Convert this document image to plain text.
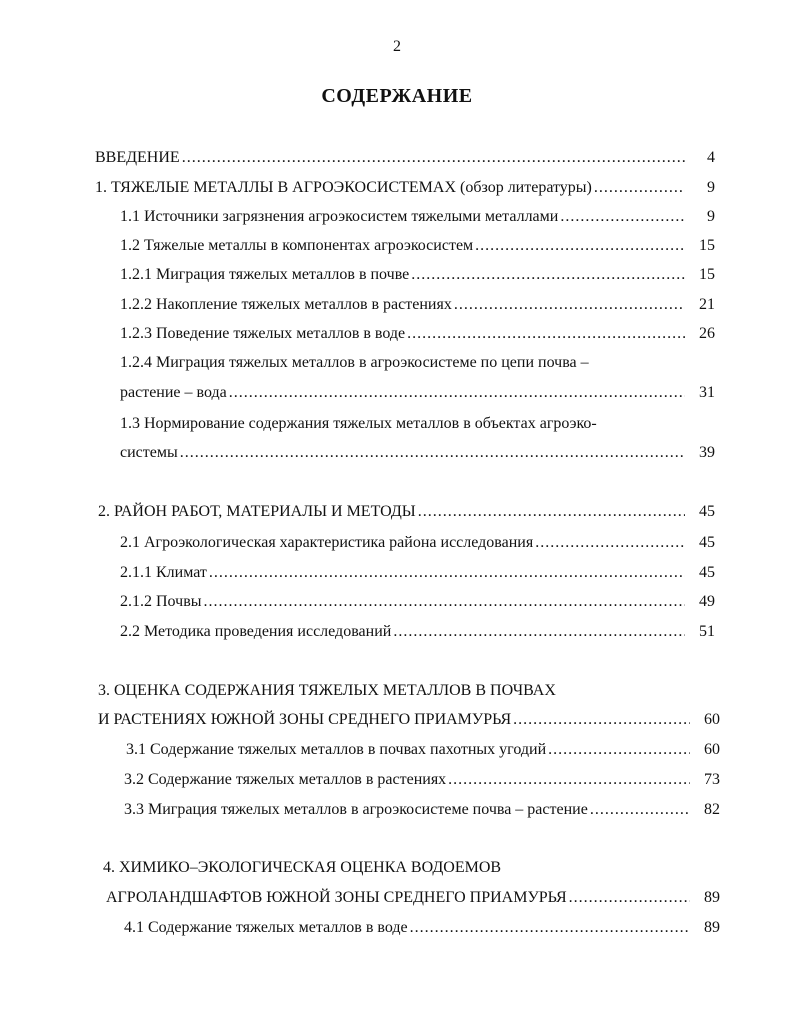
2
СОДЕРЖАНИЕ
ВВЕДЕНИЕ .....	4
1. ТЯЖЕЛЫЕ МЕТАЛЛЫ В АГРОЭКОСИСТЕМАХ (обзор литературы) .....	9
1.1 Источники загрязнения агроэкосистем тяжелыми металлами .....	9
1.2 Тяжелые металлы в компонентах агроэкосистем .....	15
1.2.1 Миграция тяжелых металлов в почве .....	15
1.2.2 Накопление тяжелых металлов в растениях .....	21
1.2.3 Поведение тяжелых металлов в воде .....	26
1.2.4 Миграция тяжелых металлов в агроэкосистеме по цепи почва –
растение – вода .....	31
1.3 Нормирование содержания тяжелых металлов в объектах агроэко-
системы .....	39
2. РАЙОН РАБОТ, МАТЕРИАЛЫ И МЕТОДЫ .....	45
2.1 Агроэкологическая характеристика района исследования .....	45
2.1.1 Климат .....	45
2.1.2 Почвы .....	49
2.2 Методика проведения исследований .....	51
3. ОЦЕНКА СОДЕРЖАНИЯ ТЯЖЕЛЫХ МЕТАЛЛОВ В ПОЧВАХ
И РАСТЕНИЯХ ЮЖНОЙ ЗОНЫ СРЕДНЕГО ПРИАМУРЬЯ .....	60
3.1 Содержание тяжелых металлов в почвах пахотных угодий .....	60
3.2 Содержание тяжелых металлов в растениях .....	73
3.3 Миграция тяжелых металлов в агроэкосистеме почва – растение .....	82
4. ХИМИКО–ЭКОЛОГИЧЕСКАЯ ОЦЕНКА ВОДОЕМОВ
АГРОЛАНДШАФТОВ ЮЖНОЙ ЗОНЫ СРЕДНЕГО ПРИАМУРЬЯ .....	89
4.1 Содержание тяжелых металлов в воде .....	89
